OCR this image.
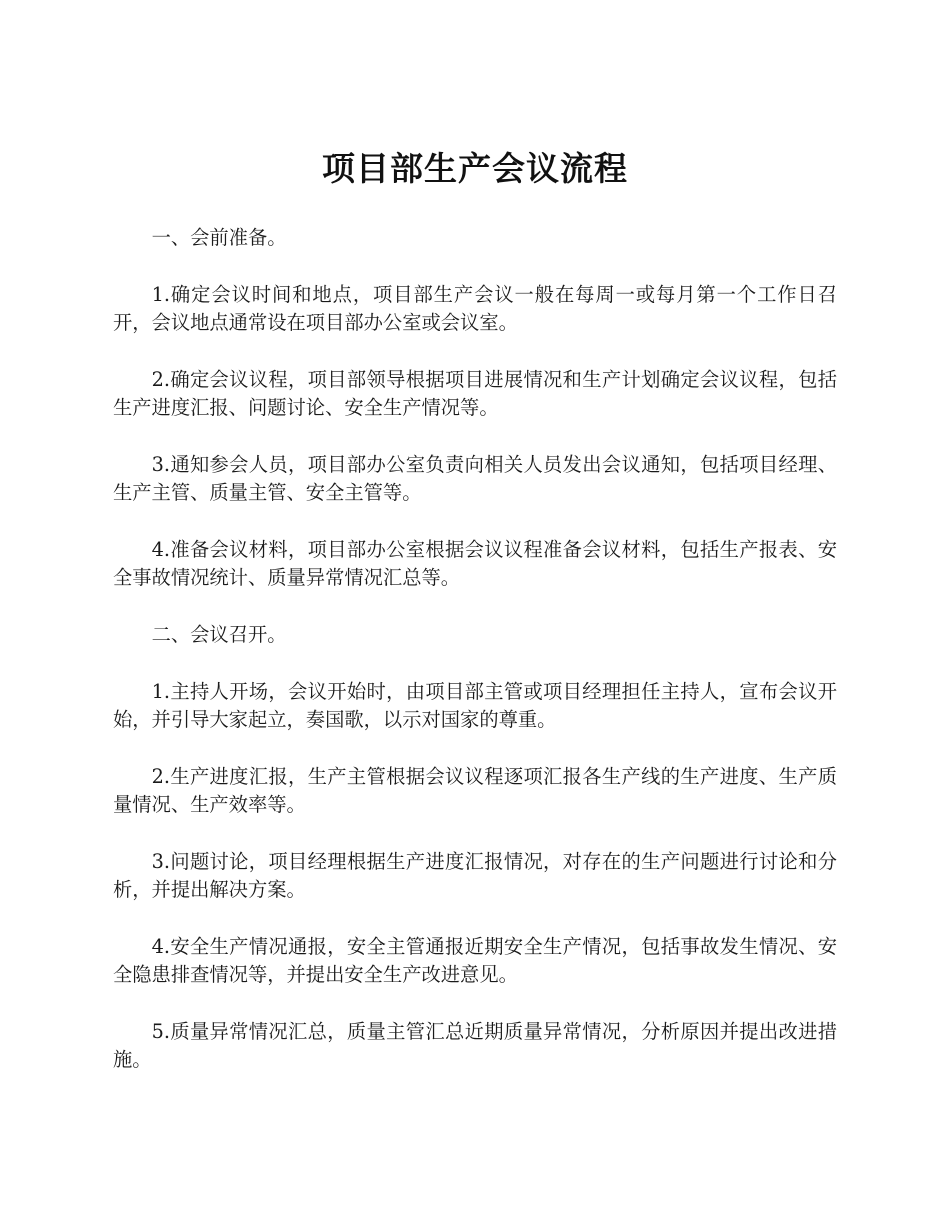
项目部生产会议流程

一、会前准备。

1.确定会议时间和地点，项目部生产会议一般在每周一或每月第一个工作日召开，会议地点通常设在项目部办公室或会议室。

2.确定会议议程，项目部领导根据项目进展情况和生产计划确定会议议程，包括生产进度汇报、问题讨论、安全生产情况等。

3.通知参会人员，项目部办公室负责向相关人员发出会议通知，包括项目经理、生产主管、质量主管、安全主管等。

4.准备会议材料，项目部办公室根据会议议程准备会议材料，包括生产报表、安全事故情况统计、质量异常情况汇总等。

二、会议召开。

1.主持人开场，会议开始时，由项目部主管或项目经理担任主持人，宣布会议开始，并引导大家起立，奏国歌，以示对国家的尊重。

2.生产进度汇报，生产主管根据会议议程逐项汇报各生产线的生产进度、生产质量情况、生产效率等。

3.问题讨论，项目经理根据生产进度汇报情况，对存在的生产问题进行讨论和分析，并提出解决方案。

4.安全生产情况通报，安全主管通报近期安全生产情况，包括事故发生情况、安全隐患排查情况等，并提出安全生产改进意见。

5.质量异常情况汇总，质量主管汇总近期质量异常情况，分析原因并提出改进措施。
